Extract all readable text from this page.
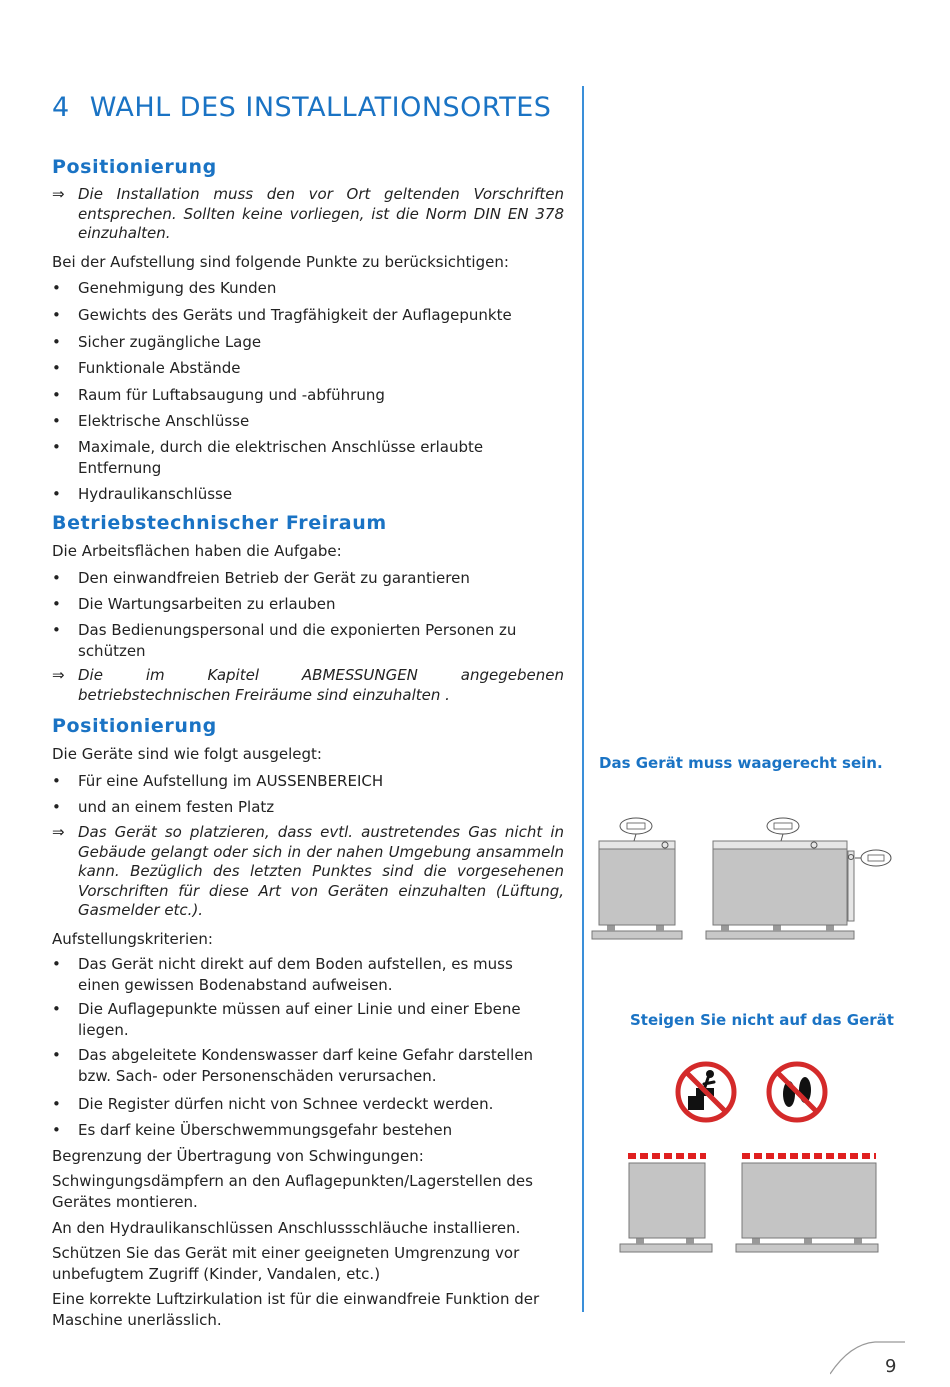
4 WAHL DES INSTALLATIONSORTES
Positionierung
⇒ Die Installation muss den vor Ort geltenden Vorschriften entsprechen. Sollten keine vorliegen, ist die Norm DIN EN 378 einzuhalten.

Bei der Aufstellung sind folgende Punkte zu berücksichtigen:

•	Genehmigung des Kunden
•	Gewichts des Geräts und Tragfähigkeit der Auflagepunkte
•	Sicher zugängliche Lage
•	Funktionale Abstände
•	Raum für Luftabsaugung und -abführung
•	Elektrische Anschlüsse
•	Maximale, durch die elektrischen Anschlüsse erlaubte Entfernung
•	Hydraulikanschlüsse
Betriebstechnischer Freiraum

Die Arbeitsflächen haben die Aufgabe:

•	Den einwandfreien Betrieb der Gerät zu garantieren
•	Die Wartungsarbeiten zu erlauben
•	Das Bedienungspersonal und die exponierten Personen zu schützen
⇒ Die im Kapitel ABMESSUNGEN angegebenen betriebstechnischen Freiräume sind einzuhalten .
Positionierung

Die Geräte sind wie folgt ausgelegt:

•	Für eine Aufstellung im AUSSENBEREICH
•	und an einem festen Platz
⇒ Das Gerät so platzieren, dass evtl. austretendes Gas nicht in Gebäude gelangt oder sich in der nahen Umgebung ansammeln kann. Bezüglich des letzten Punktes sind die vorgesehenen Vorschriften für diese Art von Geräten einzuhalten (Lüftung, Gasmelder etc.).

Aufstellungskriterien:

•	Das Gerät nicht direkt auf dem Boden aufstellen, es muss einen gewissen Bodenabstand aufweisen.
•	Die Auflagepunkte müssen auf einer Linie und einer Ebene liegen.
•	Das abgeleitete Kondenswasser darf keine Gefahr darstellen bzw. Sach- oder Personenschäden verursachen.
•	Die Register dürfen nicht von Schnee verdeckt werden.
•	Es darf keine Überschwemmungsgefahr bestehen

Begrenzung der Übertragung von Schwingungen:

Schwingungsdämpfern an den Auflagepunkten/Lagerstellen des Gerätes montieren.

An den Hydraulikanschlüssen Anschlussschläuche installieren.

Schützen Sie das Gerät mit einer geeigneten Umgrenzung vor unbefugtem Zugriff (Kinder, Vandalen, etc.)

Eine korrekte Luftzirkulation ist für die einwandfreie Funktion der Maschine unerlässlich.

Das Gerät muss waagerecht sein.
Steigen Sie nicht auf das Gerät
9
